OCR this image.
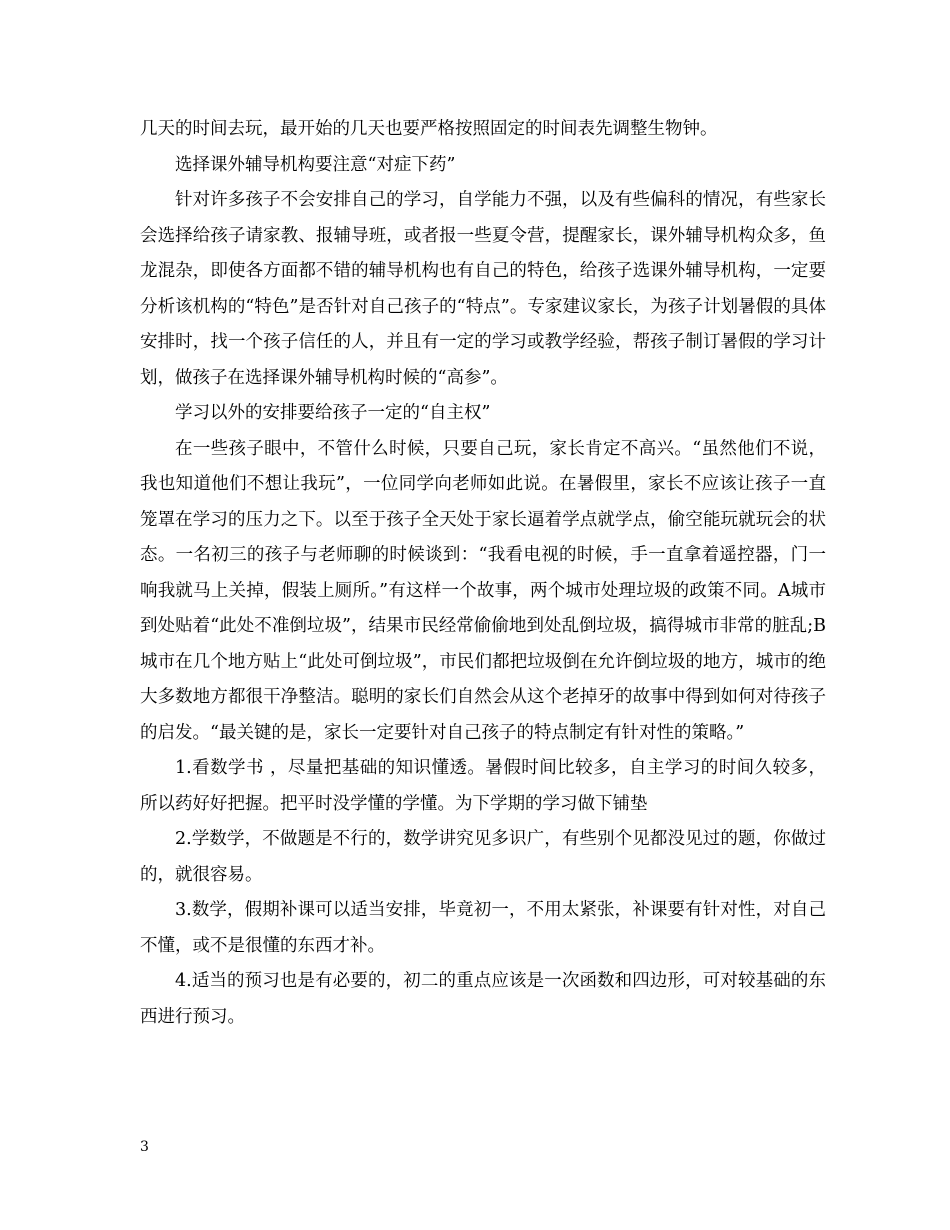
几天的时间去玩，最开始的几天也要严格按照固定的时间表先调整生物钟。

选择课外辅导机构要注意“对症下药”

针对许多孩子不会安排自己的学习，自学能力不强，以及有些偏科的情况，有些家长会选择给孩子请家教、报辅导班，或者报一些夏令营，提醒家长，课外辅导机构众多，鱼龙混杂，即使各方面都不错的辅导机构也有自己的特色，给孩子选课外辅导机构，一定要分析该机构的“特色”是否针对自己孩子的“特点”。专家建议家长，为孩子计划暑假的具体安排时，找一个孩子信任的人，并且有一定的学习或教学经验，帮孩子制订暑假的学习计划，做孩子在选择课外辅导机构时候的“高参”。

学习以外的安排要给孩子一定的“自主权”

在一些孩子眼中，不管什么时候，只要自己玩，家长肯定不高兴。“虽然他们不说，我也知道他们不想让我玩”，一位同学向老师如此说。在暑假里，家长不应该让孩子一直笼罩在学习的压力之下。以至于孩子全天处于家长逼着学点就学点，偷空能玩就玩会的状态。一名初三的孩子与老师聊的时候谈到：“我看电视的时候，手一直拿着遥控器，门一响我就马上关掉，假装上厕所。”有这样一个故事，两个城市处理垃圾的政策不同。A城市到处贴着“此处不准倒垃圾”，结果市民经常偷偷地到处乱倒垃圾，搞得城市非常的脏乱;B城市在几个地方贴上“此处可倒垃圾”，市民们都把垃圾倒在允许倒垃圾的地方，城市的绝大多数地方都很干净整洁。聪明的家长们自然会从这个老掉牙的故事中得到如何对待孩子的启发。“最关键的是，家长一定要针对自己孩子的特点制定有针对性的策略。”

1.看数学书 ，尽量把基础的知识懂透。暑假时间比较多，自主学习的时间久较多，所以药好好把握。把平时没学懂的学懂。为下学期的学习做下铺垫

2.学数学，不做题是不行的，数学讲究见多识广，有些别个见都没见过的题，你做过的，就很容易。

3.数学，假期补课可以适当安排，毕竟初一，不用太紧张，补课要有针对性，对自己不懂，或不是很懂的东西才补。

4.适当的预习也是有必要的，初二的重点应该是一次函数和四边形，可对较基础的东西进行预习。

3
